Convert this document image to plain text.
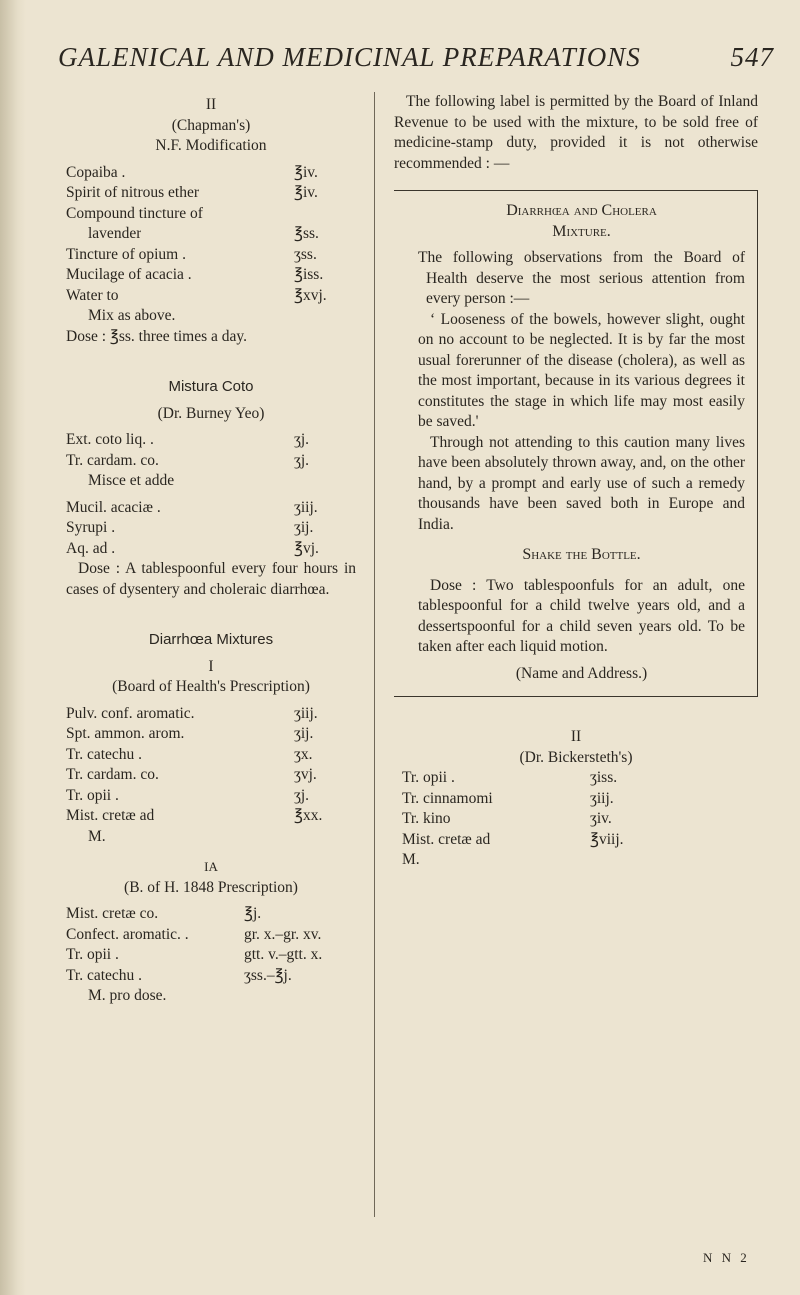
GALENICAL AND MEDICINAL PREPARATIONS	547
II
(Chapman's)
N.F. Modification
Copaiba .	℥iv.
Spirit of nitrous ether	℥iv.
Compound tincture of
lavender	℥ss.
Tincture of opium .	ʒss.
Mucilage of acacia .	℥iss.
Water to	℥xvj.
Mix as above.
Dose : ℥ss. three times a day.
Mistura Coto
(Dr. Burney Yeo)
Ext. coto liq. .	ʒj.
Tr. cardam. co.	ʒj.
Misce et adde
Mucil. acaciæ .	ʒiij.
Syrupi .	ʒij.
Aq. ad .	℥vj.
Dose : A tablespoonful every four hours in cases of dysentery and choleraic diarrhœa.
Diarrhœa Mixtures
I
(Board of Health's Prescription)
Pulv. conf. aromatic.	ʒiij.
Spt. ammon. arom.	ʒij.
Tr. catechu .	ʒx.
Tr. cardam. co.	ʒvj.
Tr. opii .	ʒj.
Mist. cretæ ad	℥xx.
M.
IA
(B. of H. 1848 Prescription)
Mist. cretæ co.	℥j.
Confect. aromatic. .	gr. x.–gr. xv.
Tr. opii .	gtt. v.–gtt. x.
Tr. catechu .	ʒss.–℥j.
M. pro dose.
The following label is permitted by the Board of Inland Revenue to be used with the mixture, to be sold free of medicine-stamp duty, provided it is not otherwise recommended : —
Diarrhœa and Cholera
Mixture.
The following observations from the Board of Health deserve the most serious attention from every person :—
‘ Looseness of the bowels, however slight, ought on no account to be neglected. It is by far the most usual forerunner of the disease (cholera), as well as the most important, because in its various degrees it constitutes the stage in which life may most easily be saved.'
Through not attending to this caution many lives have been absolutely thrown away, and, on the other hand, by a prompt and early use of such a remedy thousands have been saved both in Europe and India.
Shake the Bottle.
Dose : Two tablespoonfuls for an adult, one tablespoonful for a child twelve years old, and a dessertspoonful for a child seven years old. To be taken after each liquid motion.
(Name and Address.)
II
(Dr. Bickersteth's)
Tr. opii .	ʒiss.
Tr. cinnamomi	ʒiij.
Tr. kino	ʒiv.
Mist. cretæ ad	℥viij.
M.
N N 2
